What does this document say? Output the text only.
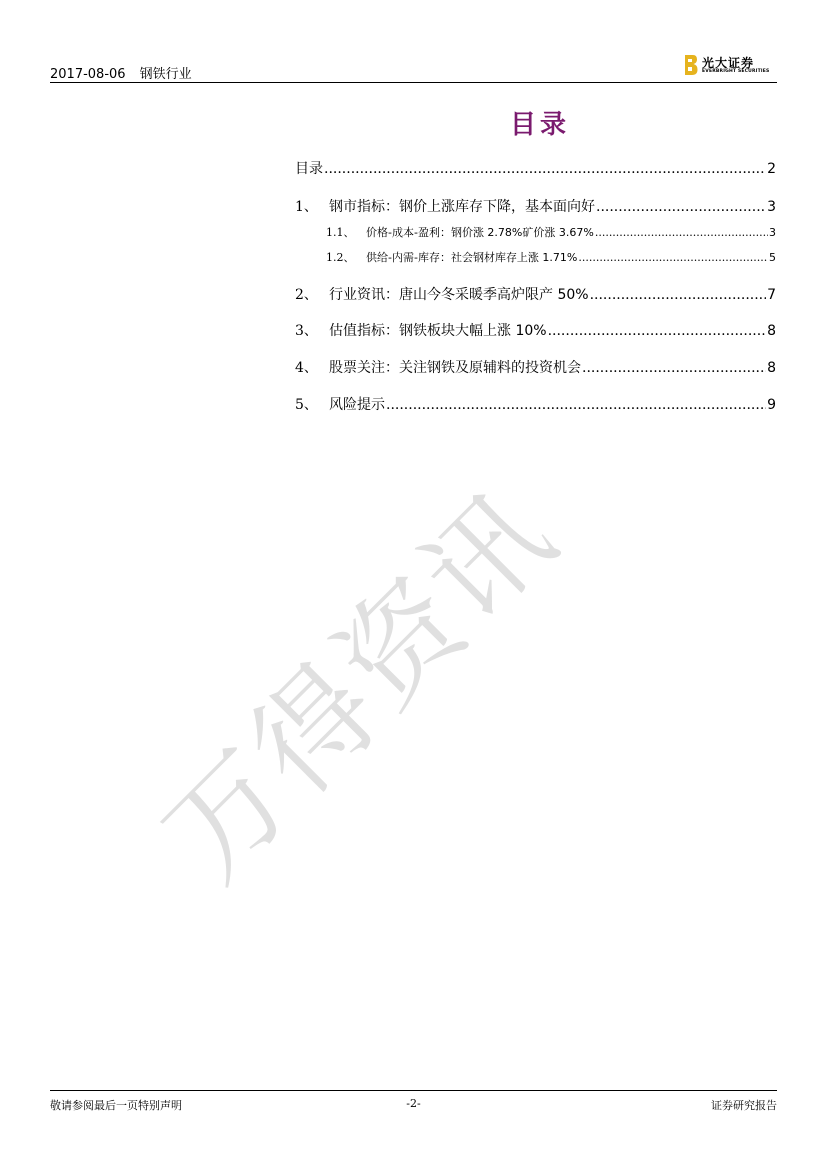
2017-08-06 钢铁行业
光大证券
EVERBRIGHT SECURITIES
万得资讯
目录
目录 .....	2
1、 钢市指标：钢价上涨库存下降，基本面向好 .....	3
1.1、	价格-成本-盈利：钢价涨 2.78%矿价涨 3.67% .....	3
1.2、	供给-内需-库存：社会钢材库存上涨 1.71% .....	5
2、 行业资讯：唐山今冬采暖季高炉限产 50% .....	7
3、 估值指标：钢铁板块大幅上涨 10% .....	8
4、 股票关注：关注钢铁及原辅料的投资机会 .....	8
5、 风险提示 .....	9
敬请参阅最后一页特别声明	-2-	证券研究报告
